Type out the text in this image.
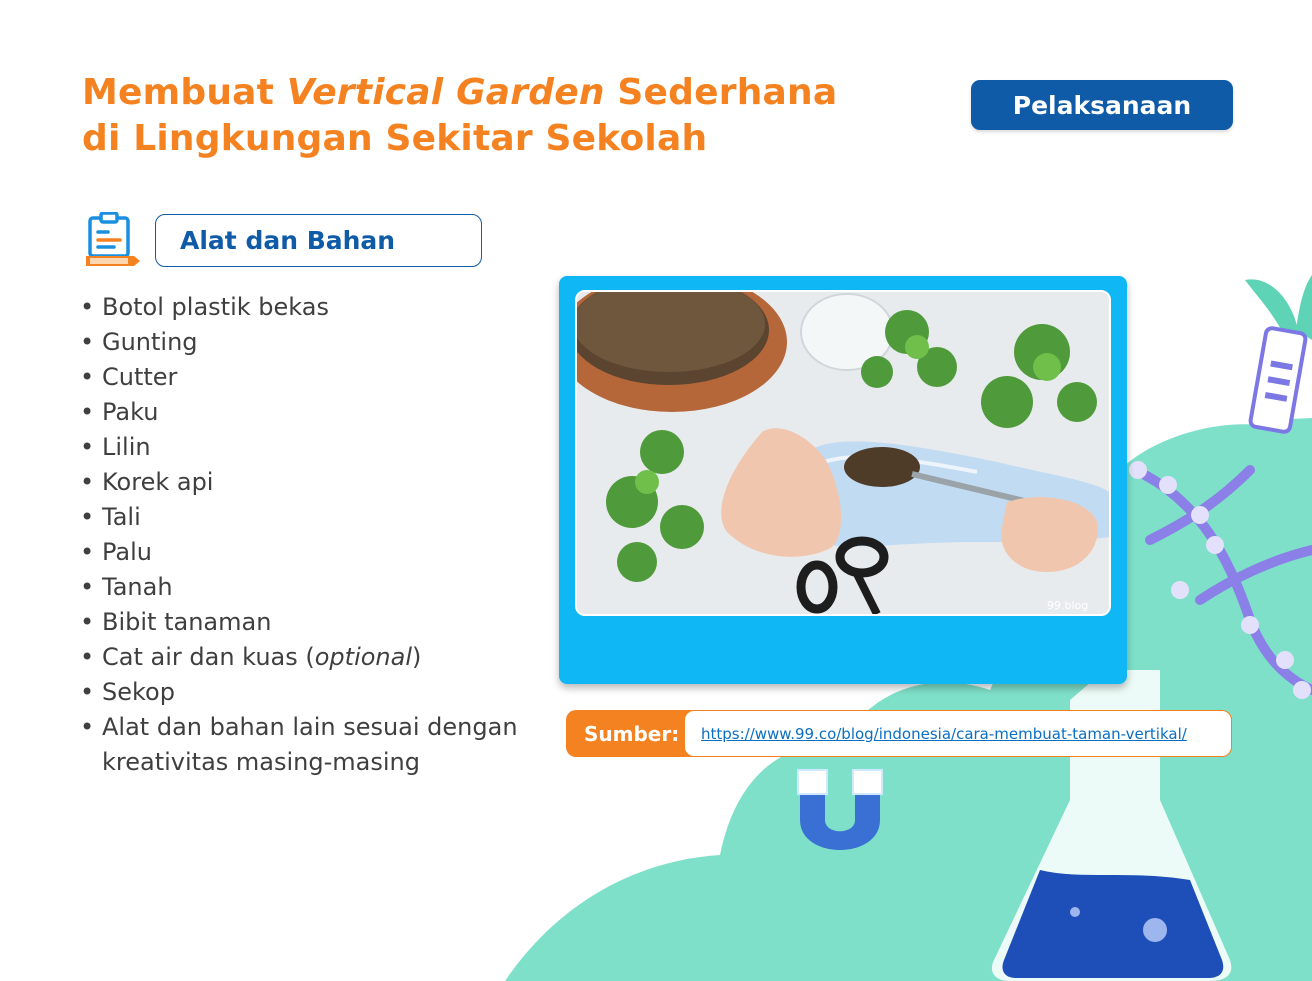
Membuat Vertical Garden Sederhana
di Lingkungan Sekitar Sekolah
Pelaksanaan
Alat dan Bahan
• Botol plastik bekas
• Gunting
• Cutter
• Paku
• Lilin
• Korek api
• Tali
• Palu
• Tanah
• Bibit tanaman
• Cat air dan kuas (optional)
• Sekop
• Alat dan bahan lain sesuai dengan kreativitas masing-masing
99.blog
Sumber:	https://www.99.co/blog/indonesia/cara-membuat-taman-vertikal/
